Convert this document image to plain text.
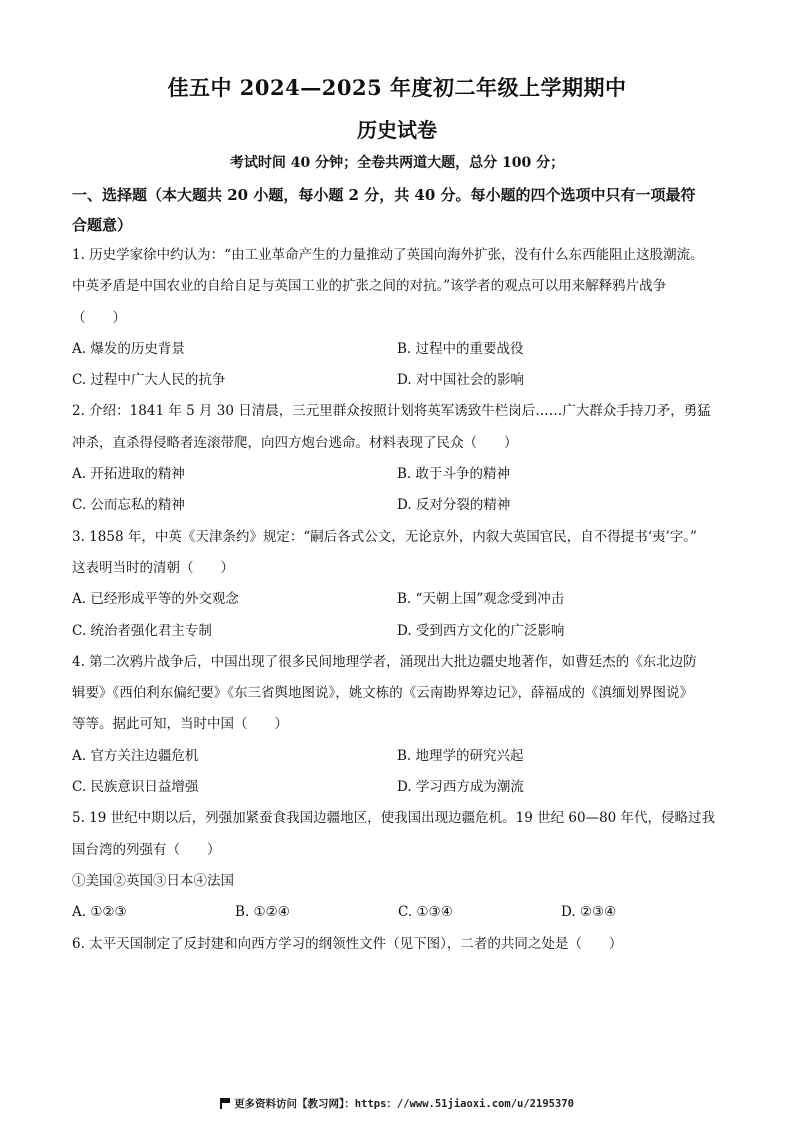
佳五中 2024—2025 年度初二年级上学期期中
历史试卷
考试时间 40 分钟；全卷共两道大题，总分 100 分；
一、选择题（本大题共 20 小题，每小题 2 分，共 40 分。每小题的四个选项中只有一项最符
合题意）
1. 历史学家徐中约认为：“由工业革命产生的力量推动了英国向海外扩张，没有什么东西能阻止这股潮流。
中英矛盾是中国农业的自给自足与英国工业的扩张之间的对抗。”该学者的观点可以用来解释鸦片战争
（　　）
A. 爆发的历史背景	B. 过程中的重要战役
C. 过程中广大人民的抗争	D. 对中国社会的影响
2. 介绍：1841 年 5 月 30 日清晨，三元里群众按照计划将英军诱致牛栏岗后……广大群众手持刀矛，勇猛
冲杀，直杀得侵略者连滚带爬，向四方炮台逃命。材料表现了民众（　　）
A. 开拓进取的精神	B. 敢于斗争的精神
C. 公而忘私的精神	D. 反对分裂的精神
3. 1858 年，中英《天津条约》规定：“嗣后各式公文，无论京外，内叙大英国官民，自不得提书‘夷’字。”
这表明当时的清朝（　　）
A. 已经形成平等的外交观念	B. “天朝上国”观念受到冲击
C. 统治者强化君主专制	D. 受到西方文化的广泛影响
4. 第二次鸦片战争后，中国出现了很多民间地理学者，涌现出大批边疆史地著作，如曹廷杰的《东北边防
辑要》《西伯利东偏纪要》《东三省舆地图说》，姚文栋的《云南勘界筹边记》，薛福成的《滇缅划界图说》
等等。据此可知，当时中国（　　）
A. 官方关注边疆危机	B. 地理学的研究兴起
C. 民族意识日益增强	D. 学习西方成为潮流
5. 19 世纪中期以后，列强加紧蚕食我国边疆地区，使我国出现边疆危机。19 世纪 60—80 年代，侵略过我
国台湾的列强有（　　）
①美国②英国③日本④法国
A. ①②③	B. ①②④	C. ①③④	D. ②③④
6. 太平天国制定了反封建和向西方学习的纲领性文件（见下图），二者的共同之处是（　　）
更多资料访问【教习网】：https：//www.51jiaoxi.com/u/2195370
